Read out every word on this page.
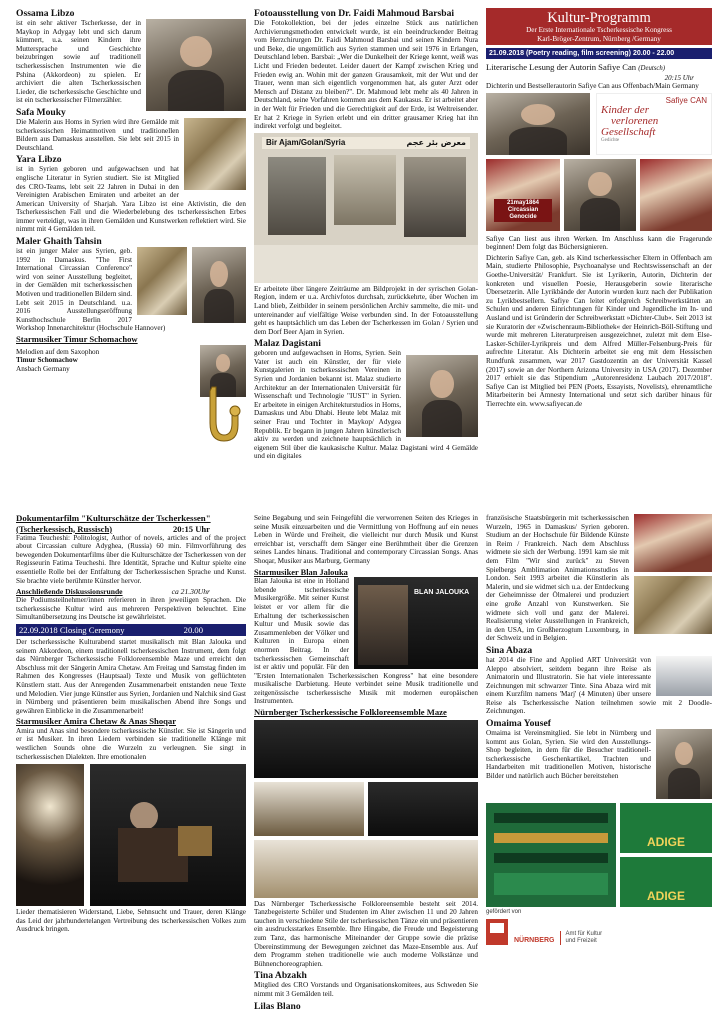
Ossama Libzo

ist ein sehr aktiver Tscherkesse, der in Maykop in Adygay lebt und sich darum kümmert, u.a. seinen Kindern ihre Muttersprache und Geschichte beizubringen sowie auf traditionell tscherkessischen Instrumenten wie die Pshina (Akkordeon) zu spielen. Er archiviert die alten Tscherkessischen Lieder, die tscherkessische Geschichte und ist ein tscherkessischer Filmerzähler.

Safa Mouky

Die Malerin aus Homs in Syrien wird ihre Gemälde mit tscherkessischen Heimatmotiven und traditionellen Bildern aus Damaskus ausstellen. Sie lebt seit 2015 in Deutschland.

Yara Libzo

ist in Syrien geboren und aufgewachsen und hat englische Literatur in Syrien studiert. Sie ist Mitglied des CRO-Teams, lebt seit 22 Jahren in Dubai in den Vereinigten Arabischen Emiraten und arbeitet an der American University of Sharjah. Yara Libzo ist eine Aktivistin, die den Tscherkessischen Fall und die Wiederbelebung des tscherkessischen Erbes immer verteidigt, was in ihren Gemälden und Kunstwerken reflektiert wird. Sie nimmt mit 4 Gemälden teil.

Maler Ghaith Tahsin

ist ein junger Maler aus Syrien, geb. 1992 in Damaskus. "The First International Circassian Conference" wird von seiner Ausstellung begleitet, in der Gemälden mit tscherkessischen Motiven und traditionellen Bildern sind. Lebt seit 2015 in Deutschland. u.a. 2016 Ausstellungseröffnung Kunsthochschule Berlin 2017 Workshop Innenarchitektur (Hochschule Hannover)

Starmusiker Timur Schomachow

Melodien auf dem Saxophon

Timur Schomachow

Ansbach Germany

Fotoausstellung von Dr. Faidi Mahmoud Barsbai

Die Fotokollektion, bei der jedes einzelne Stück aus natürlichen Archivierungsmethoden entwickelt wurde, ist ein beeindruckender Beitrag vom Herzchirurgen Dr. Faidi Mahmoud Barsbai und seinen Kindern Nura und Beke, die ungemütlich aus Syrien stammen und seit 1976 in Erlangen, Deutschland leben. Barsbai: „Wer die Dunkelheit der Kriege kennt, weiß was Licht und Frieden bedeutet. Leider dauert der Kampf zwischen Krieg und Frieden ewig an. Wohin mit der ganzen Grausamkeit, mit der Wut und der Trauer, wenn man sich eigentlich vorgenommen hat, als guter Arzt oder Mensch auf Distanz zu bleiben?". Dr. Mahmoud lebt mehr als 40 Jahren in Deutschland, seine Vorfahren kommen aus dem Kaukasus. Er ist arbeitet aber in der Welt für Frieden und die Gerechtigkeit auf der Erde, ist Weltreisender. Er hat 2 Kriege in Syrien erlebt und ein dritter grausamer Krieg hat ihn indirekt verfolgt und begleitet.

Bir Ajam/Golan/Syria	معرض بئر عجم

Er arbeitete über längere Zeiträume am Bildprojekt in der syrischen Golan-Region, indem er u.a. Archivfotos durchsah, zurückkehrte, über Wochen im Land blieb, Zeitbilder in seinem persönlichen Archiv sammelte, die mit- und untereinander auf vielfältige Weise verbunden sind. In der Fotoausstellung geht es hauptsächlich um das Leben der Tscherkessen im Golan / Syrien und dem Dorf Beer Ajam in Syrien.

Malaz Dagistani

geboren und aufgewachsen in Homs, Syrien. Sein Vater ist auch ein Künstler, der für viele Kunstgalerien in tscherkessischen Vereinen in Syrien und Jordanien bekannt ist. Malaz studierte Architektur an der Internationalen Universität für Wissenschaft und Technologie "IUST" in Syrien. Er arbeitete in einigen Architekturstudios in Homs, Damaskus und Abu Dhabi. Heute lebt Malaz mit seiner Frau und Tochter in Maykop/ Adygea Republik. Er begann in jungen Jahren künstlerisch aktiv zu werden und zeichnete hauptsächlich in eigenem Stil über die kaukasische Kultur. Malaz Dagistani wird 4 Gemälde und ein digitales

Kultur-Programm
Der Erste Internationale Tscherkessische Kongress
Karl-Bröger-Zentrum, Nürnberg /Germany
21.09.2018 (Poetry reading, film screening) 20.00 - 22.00
Literarische Lesung der Autorin Safiye Can (Deutsch)
20:15 Uhr

Dichterin und Bestsellerautorin Safiye Can aus Offenbach/Main Germany

Safiye CAN
Kinder der
verlorenen
Gesellschaft
Gedichte
21may1864
Circassian Genocide

Safiye Can liest aus ihren Werken. Im Anschluss kann die Fragerunde beginnen! Dem folgt das Büchersignieren.

Dichterin Safiye Can, geb. als Kind tscherkessischer Eltern in Offenbach am Main, studierte Philosophie, Psychoanalyse und Rechtswissenschaft an der Goethe-Universität/ Frankfurt. Sie ist Lyrikerin, Autorin, Dichterin der konkreten und visuellen Poesie, Herausgeberin sowie literarische Übersetzerin. Alle Lyrikbände der Autorin wurden kurz nach der Publikation zu Lyrikbestsellern. Safiye Can leitet erfolgreich Schreibwerkstätten an Schulen und anderen Einrichtungen für Kinder und Jugendliche im In- und Ausland und ist Gründerin der Schreibwerkstatt »Dichter-Club«. Seit 2013 ist sie Kuratorin der »Zwischenraum-Bibliothek« der Heinrich-Böll-Stiftung und wurde mit mehreren Literaturpreisen ausgezeichnet, zuletzt mit dem Else-Lasker-Schüler-Lyrikpreis und dem Alfred Müller-Felsenburg-Preis für aufrechte Literatur. Als Dichterin arbeitet sie eng mit dem Hessischen Rundfunk zusammen, war 2017 Gastdozentin an der Universität Kassel (2017) sowie an der Northern Arizona University in USA (2017). Dezember 2017 erhielt sie das Stipendium „Autorenresidenz Laubach 2017/2018". Safiye Can ist Mitglied bei PEN (Poets, Essayists, Novelists), ehrenamtliche Mitarbeiterin bei Amnesty International und setzt sich darüber hinaus für Tierrechte ein. www.safiyecan.de

Dokumentarfilm "Kulturschätze der Tscherkessen"
(Tscherkessisch, Russisch)	20:15 Uhr

Fatima Teucheshi: Politologist, Author of novels, articles and of the project about Circassian culture Adyghea, (Russia) 60 min. Filmvorführung des bewegenden Dokumentarfilms über die Kulturschätze der Tscherkessen von der Regisseurin Fatima Teucheshi. Ihre Identität, Sprache und Kultur spielte eine essentielle Rolle bei der Entfaltung der Tscherkessischen Sprache und Kunst. Sie brachte viele berühmte Künstler hervor.

Anschließende Diskussionsrunde	ca 21.30Uhr

Die Podiumsteilnehmer/innen referieren in ihren jeweiligen Sprachen. Die tscherkessische Kultur wird aus mehreren Perspektiven beleuchtet. Eine Simultanübersetzung ins Deutsche ist gewährleistet.

22.09.2018 Closing Ceremony	20.00

Der tscherkessische Kulturabend startet musikalisch mit Blan Jalouka und seinem Akkordeon, einem traditionell tscherkessischen Instrument, dem folgt das Nürnberger Tscherkessische Folkloreensemble Maze und erreicht den Abschluss mit der Sängerin Amira Chetaw. Am Freitag und Samstag finden im Rahmen des Kongresses (Hauptsaal) Texte und Musik von geflüchteten Künstlern statt. Aus der Anregenden Zusammenarbeit entstanden neue Texte und Melodien. Vier junge Künstler aus Syrien, Jordanien und Nalchik sind Gast in Nürnberg und präsentieren beim musikalischen Abend ihre Songs und gewähren Einblicke in die Zusammenarbeit!

Starmusiker Amira Chetaw & Anas Shoqar

Amira und Anas sind besondere tscherkessische Künstler. Sie ist Sängerin und er ist Musiker. In ihren Liedern verbinden sie traditionelle Klänge mit westlichen Sounds ohne die Wurzeln zu verleugnen. Sie singt in tscherkessischen Dialekten. Ihre emotionalen

Lieder thematisieren Widerstand, Liebe, Sehnsucht und Trauer, deren Klänge das Leid der jahrhundertelangen Vertreibung des tscherkessischen Volkes zum Ausdruck bringen.

Seine Begabung und sein Feingefühl die verworrenen Seiten des Krieges in seine Musik einzuarbeiten und die Vermittlung von Hoffnung auf ein neues Leben in Würde und Freiheit, die vielleicht nur durch Musik und Kunst erreichbar ist, verschafft dem Sänger eine Berühmtheit über die Grenzen seines Landes hinaus. Traditional and contemporary Circassian Songs. Anas Shoqar, Musiker aus Marburg, Germany

Starmusiker Blan Jalouka
BLAN JALOUKA

Blan Jalouka ist eine in Holland lebende tscherkessische Musikergröße. Mit seiner Kunst leistet er vor allem für die Erhaltung der tscherkessischen Kultur und Musik sowie das Zusammenleben der Völker und Kulturen in Europa einen enormen Beitrag. In der tscherkessischen Gemeinschaft ist er aktiv und populär. Für den "Ersten Internationalen Tscherkessischen Kongress" hat eine besondere musikalische Darbietung. Heute verbindet seine Musik traditionelle und zeitgenössische tscherkessische Musik mit modernen europäischen Instrumenten.

Nürnberger Tscherkessische Folkloreensemble Maze

Das Nürnberger Tscherkessische Folkloreensemble besteht seit 2014. Tanzbegeisterte Schüler und Studenten im Alter zwischen 11 und 20 Jahren tauchen in verschiedene Stile der tscherkessischen Tänze ein und präsentieren ein ausdrucksstarkes Ensemble. Ihre Hingabe, die Freude und Begeisterung zum Tanz, das harmonische Miteinander der Gruppe sowie die präzise Übereinstimmung der Bewegungen zeichnet das Maze-Ensemble aus. Auf dem Programm stehen traditionelle wie auch moderne Volkstänze und Bühnenchoreographien.

Tina Abzakh

Mitglied des CRO Vorstands und Organisationskomitees, aus Schweden Sie nimmt mit 3 Gemälden teil.

Lilas Blano

französische Staatsbürgerin mit tscherkessischen Wurzeln, 1965 in Damaskus/ Syrien geboren. Studium an der Hochschule für Bildende Künste in Reim / Frankreich. Nach dem Abschluss widmete sie sich der Werbung. 1991 kam sie mit dem Film "Wir sind zurück" zu Steven Spielbergs Amblimation Animationsstudios in London. Seit 1993 arbeitet die Künstlerin als Malerin, und sie widmet sich u.a. der Entdeckung der Geheimnisse der Ölmalerei und produziert eine große Anzahl von Kunstwerken. Sie widmete sich voll und ganz der Malerei. Realisierung vieler Ausstellungen in Frankreich, in den USA, im Großherzogtum Luxemburg, in der Schweiz und in Belgien.

Sina Abaza

hat 2014 die Fine and Applied ART Universität von Aleppo absolviert, seitdem begann ihre Reise als Animatorin und Illustratorin. Sie hat viele interessante Zeichnungen mit schwarzer Tinte. Sina Abaza wird mit einem Kurzfilm namens 'Marj' (4 Minuten) über unsere Reise als Tscherkessische Nation teilnehmen sowie mit 2 Doodle-Zeichnungen.

Omaima Yousef

Omaima ist Vereinsmitglied. Sie lebt in Nürnberg und kommt aus Golan, Syrien. Sie wird den Ausstellungs-Shop begleiten, in dem für die Besucher traditionell-tscherkessische Geschenkartikel, Trachten und Handarbeiten mit traditionellen Motiven, historische Bilder und natürlich auch Bücher bereitstehen

ADIGE
ADIGE
gefördert von
NÜRNBERG
Amt für Kultur
und Freizeit
